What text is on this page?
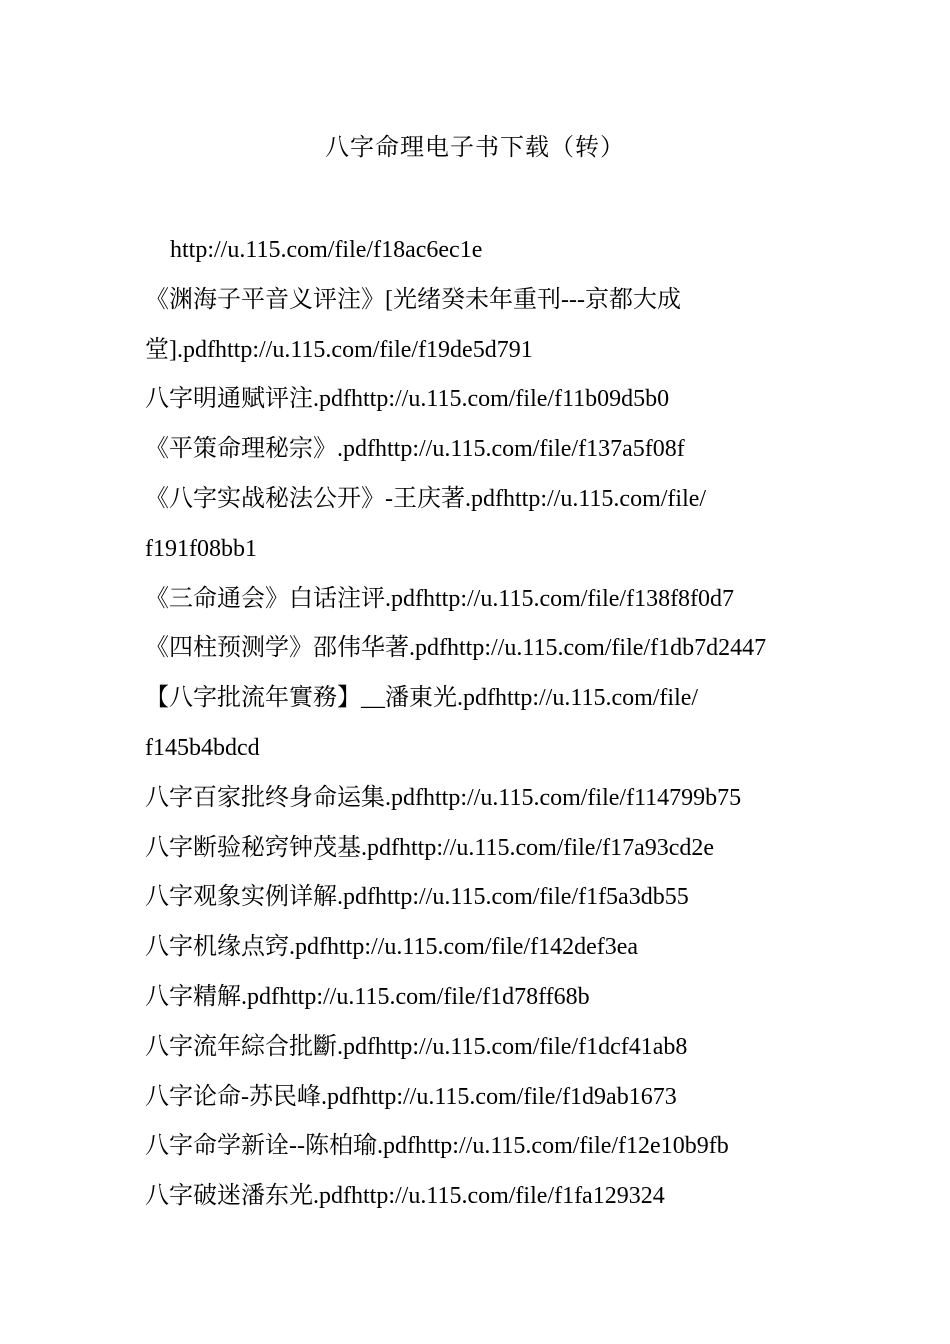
八字命理电子书下载（转）
http://u.115.com/file/f18ac6ec1e
《渊海子平音义评注》[光绪癸未年重刊---京都大成
堂].pdfhttp://u.115.com/file/f19de5d791
八字明通赋评注.pdfhttp://u.115.com/file/f11b09d5b0
《平策命理秘宗》.pdfhttp://u.115.com/file/f137a5f08f
《八字实战秘法公开》-王庆著.pdfhttp://u.115.com/file/
f191f08bb1
《三命通会》白话注评.pdfhttp://u.115.com/file/f138f8f0d7
《四柱预测学》邵伟华著.pdfhttp://u.115.com/file/f1db7d2447
【八字批流年實務】__潘東光.pdfhttp://u.115.com/file/
f145b4bdcd
八字百家批终身命运集.pdfhttp://u.115.com/file/f114799b75
八字断验秘窍钟茂基.pdfhttp://u.115.com/file/f17a93cd2e
八字观象实例详解.pdfhttp://u.115.com/file/f1f5a3db55
八字机缘点窍.pdfhttp://u.115.com/file/f142def3ea
八字精解.pdfhttp://u.115.com/file/f1d78ff68b
八字流年綜合批斷.pdfhttp://u.115.com/file/f1dcf41ab8
八字论命-苏民峰.pdfhttp://u.115.com/file/f1d9ab1673
八字命学新诠--陈柏瑜.pdfhttp://u.115.com/file/f12e10b9fb
八字破迷潘东光.pdfhttp://u.115.com/file/f1fa129324
